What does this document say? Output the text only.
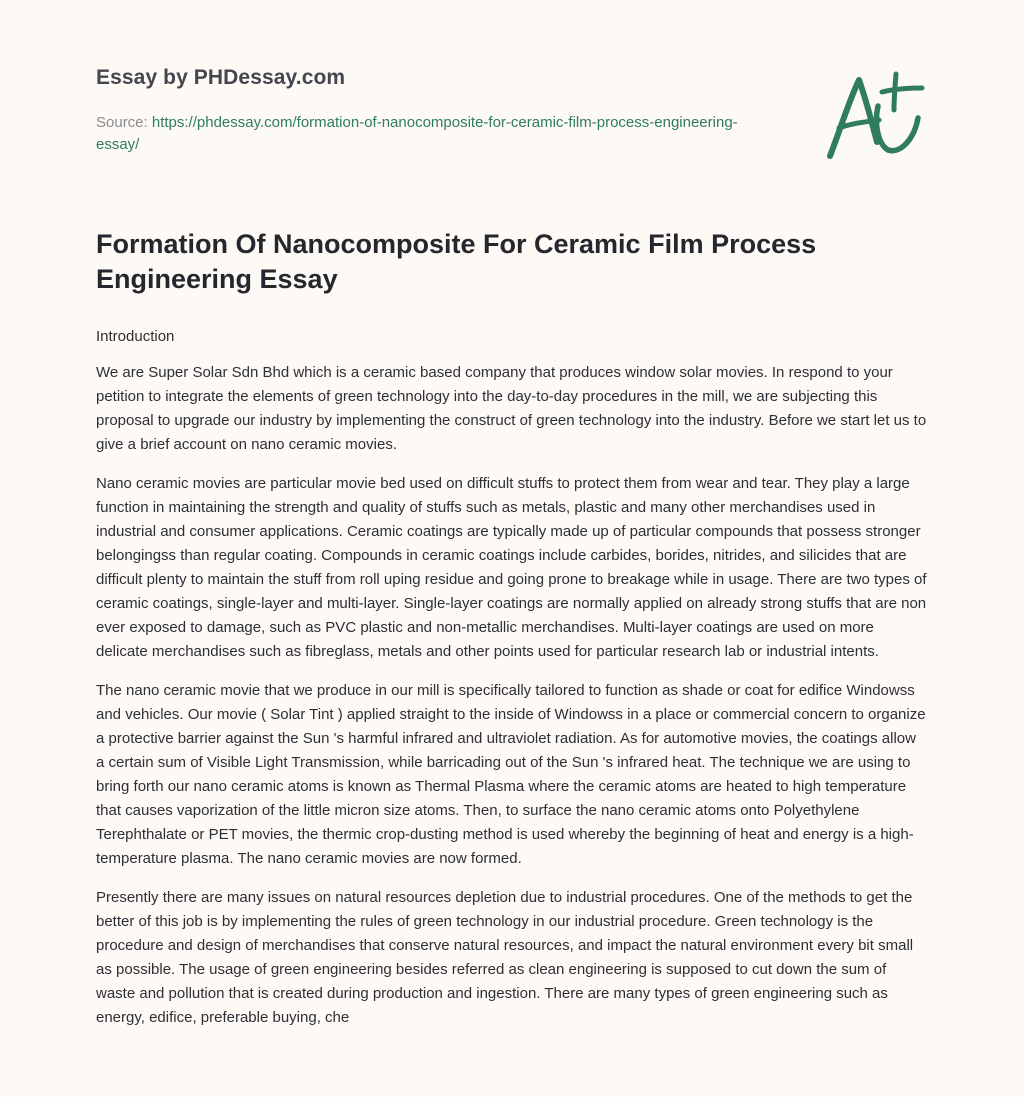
Essay by PHDessay.com
Source: https://phdessay.com/formation-of-nanocomposite-for-ceramic-film-process-engineering-essay/
Formation Of Nanocomposite For Ceramic Film Process Engineering Essay

Introduction

We are Super Solar Sdn Bhd which is a ceramic based company that produces window solar movies. In respond to your petition to integrate the elements of green technology into the day-to-day procedures in the mill, we are subjecting this proposal to upgrade our industry by implementing the construct of green technology into the industry. Before we start let us to give a brief account on nano ceramic movies.

Nano ceramic movies are particular movie bed used on difficult stuffs to protect them from wear and tear. They play a large function in maintaining the strength and quality of stuffs such as metals, plastic and many other merchandises used in industrial and consumer applications. Ceramic coatings are typically made up of particular compounds that possess stronger belongingss than regular coating. Compounds in ceramic coatings include carbides, borides, nitrides, and silicides that are difficult plenty to maintain the stuff from roll uping residue and going prone to breakage while in usage. There are two types of ceramic coatings, single-layer and multi-layer. Single-layer coatings are normally applied on already strong stuffs that are non ever exposed to damage, such as PVC plastic and non-metallic merchandises. Multi-layer coatings are used on more delicate merchandises such as fibreglass, metals and other points used for particular research lab or industrial intents.

The nano ceramic movie that we produce in our mill is specifically tailored to function as shade or coat for edifice Windowss and vehicles. Our movie ( Solar Tint ) applied straight to the inside of Windowss in a place or commercial concern to organize a protective barrier against the Sun 's harmful infrared and ultraviolet radiation. As for automotive movies, the coatings allow a certain sum of Visible Light Transmission, while barricading out of the Sun 's infrared heat. The technique we are using to bring forth our nano ceramic atoms is known as Thermal Plasma where the ceramic atoms are heated to high temperature that causes vaporization of the little micron size atoms. Then, to surface the nano ceramic atoms onto Polyethylene Terephthalate or PET movies, the thermic crop-dusting method is used whereby the beginning of heat and energy is a high-temperature plasma. The nano ceramic movies are now formed.

Presently there are many issues on natural resources depletion due to industrial procedures. One of the methods to get the better of this job is by implementing the rules of green technology in our industrial procedure. Green technology is the procedure and design of merchandises that conserve natural resources, and impact the natural environment every bit small as possible. The usage of green engineering besides referred as clean engineering is supposed to cut down the sum of waste and pollution that is created during production and ingestion. There are many types of green engineering such as energy, edifice, preferable buying, che
